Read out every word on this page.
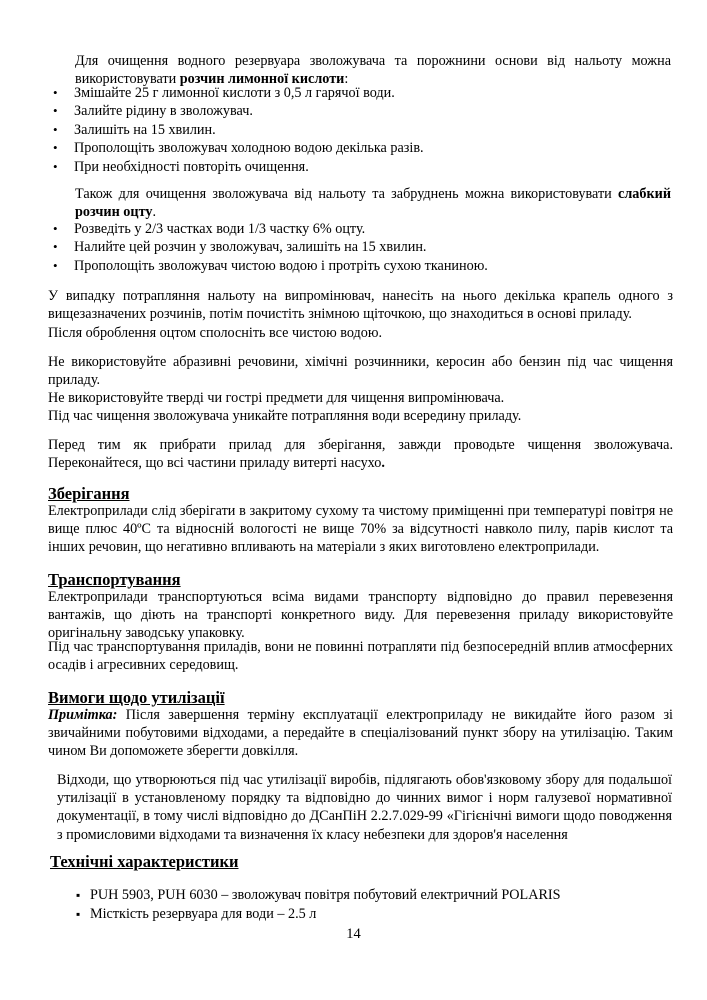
Для очищення водного резервуара зволожувача та порожнини основи від нальоту можна використовувати розчин лимонної кислоти:

• Змішайте 25 г лимонної кислоти з 0,5 л гарячої води.
• Залийте рідину в зволожувач.
• Залишіть на 15 хвилин.
• Прополощіть зволожувач холодною водою декілька разів.
• При необхідності повторіть очищення.

Також для очищення зволожувача від нальоту та забруднень можна використовувати слабкий розчин оцту.

• Розведіть у 2/3 частках води 1/3 частку 6% оцту.
• Налийте цей розчин у зволожувач, залишіть на 15 хвилин.
• Прополощіть зволожувач чистою водою і протріть сухою тканиною.

У випадку потрапляння нальоту на випромінювач, нанесіть на нього декілька крапель одного з вищезазначених розчинів, потім почистіть знімною щіточкою, що знаходиться в основі приладу.

Після оброблення оцтом сполосніть все чистою водою.

Не використовуйте абразивні речовини, хімічні розчинники, керосин або бензин під час чищення приладу.

Не використовуйте тверді чи гострі предмети для чищення випромінювача.

Під час чищення зволожувача уникайте потрапляння води всередину приладу.

Перед тим як прибрати прилад для зберігання, завжди проводьте чищення зволожувача. Переконайтеся, що всі частини приладу витерті насухо.

Зберігання

Електроприлади слід зберігати в закритому сухому та чистому приміщенні при температурі повітря не вище плюс 40ºC та відносній вологості не вище 70% за відсутності навколо пилу, парів кислот та інших речовин, що негативно впливають на матеріали з яких виготовлено електроприлади.

Транспортування

Електроприлади транспортуються всіма видами транспорту відповідно до правил перевезення вантажів, що діють на транспорті конкретного виду. Для перевезення приладу використовуйте оригінальну заводську упаковку.

Під час транспортування приладів, вони не повинні потрапляти під безпосередній вплив атмосферних осадів і агресивних середовищ.

Вимоги щодо утилізації

Примітка: Після завершення терміну експлуатації електроприладу не викидайте його разом зі звичайними побутовими відходами, а передайте в спеціалізований пункт збору на утилізацію. Таким чином Ви допоможете зберегти довкілля.

Відходи, що утворюються під час утилізації виробів, підлягають обов'язковому збору для подальшої утилізації в установленому порядку та відповідно до чинних вимог і норм галузевої нормативної документації, в тому числі відповідно до ДСанПіН 2.2.7.029-99 «Гігієнічні вимоги щодо поводження з промисловими відходами та визначення їх класу небезпеки для здоров'я населення

Технічні характеристики
▪ PUH 5903, PUH 6030 – зволожувач повітря побутовий електричний POLARIS
▪ Місткість резервуара для води – 2.5 л
14
